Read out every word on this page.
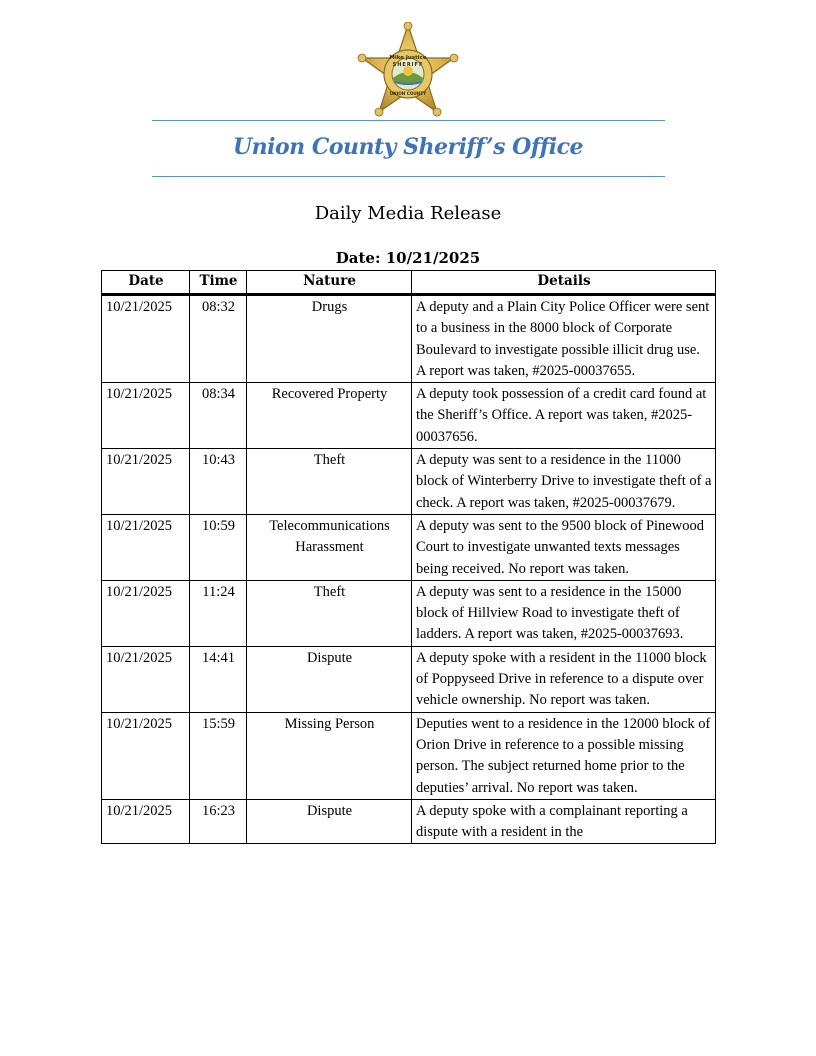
Mike Justice
SHERIFF
UNION COUNTY
Union County Sheriff’s Office
Daily Media Release
Date: 10/21/2025
Date	Time	Nature	Details
10/21/2025	08:32	Drugs	A deputy and a Plain City Police Officer were sent to a business in the 8000 block of Corporate Boulevard to investigate possible illicit drug use. A report was taken, #2025-00037655.
10/21/2025	08:34	Recovered Property	A deputy took possession of a credit card found at the Sheriff’s Office. A report was taken, #2025-00037656.
10/21/2025	10:43	Theft	A deputy was sent to a residence in the 11000 block of Winterberry Drive to investigate theft of a check. A report was taken, #2025-00037679.
10/21/2025	10:59	Telecommunications Harassment	A deputy was sent to the 9500 block of Pinewood Court to investigate unwanted texts messages being received. No report was taken.
10/21/2025	11:24	Theft	A deputy was sent to a residence in the 15000 block of Hillview Road to investigate theft of ladders. A report was taken, #2025-00037693.
10/21/2025	14:41	Dispute	A deputy spoke with a resident in the 11000 block of Poppyseed Drive in reference to a dispute over vehicle ownership. No report was taken.
10/21/2025	15:59	Missing Person	Deputies went to a residence in the 12000 block of Orion Drive in reference to a possible missing person. The subject returned home prior to the deputies’ arrival. No report was taken.
10/21/2025	16:23	Dispute	A deputy spoke with a complainant reporting a dispute with a resident in the
